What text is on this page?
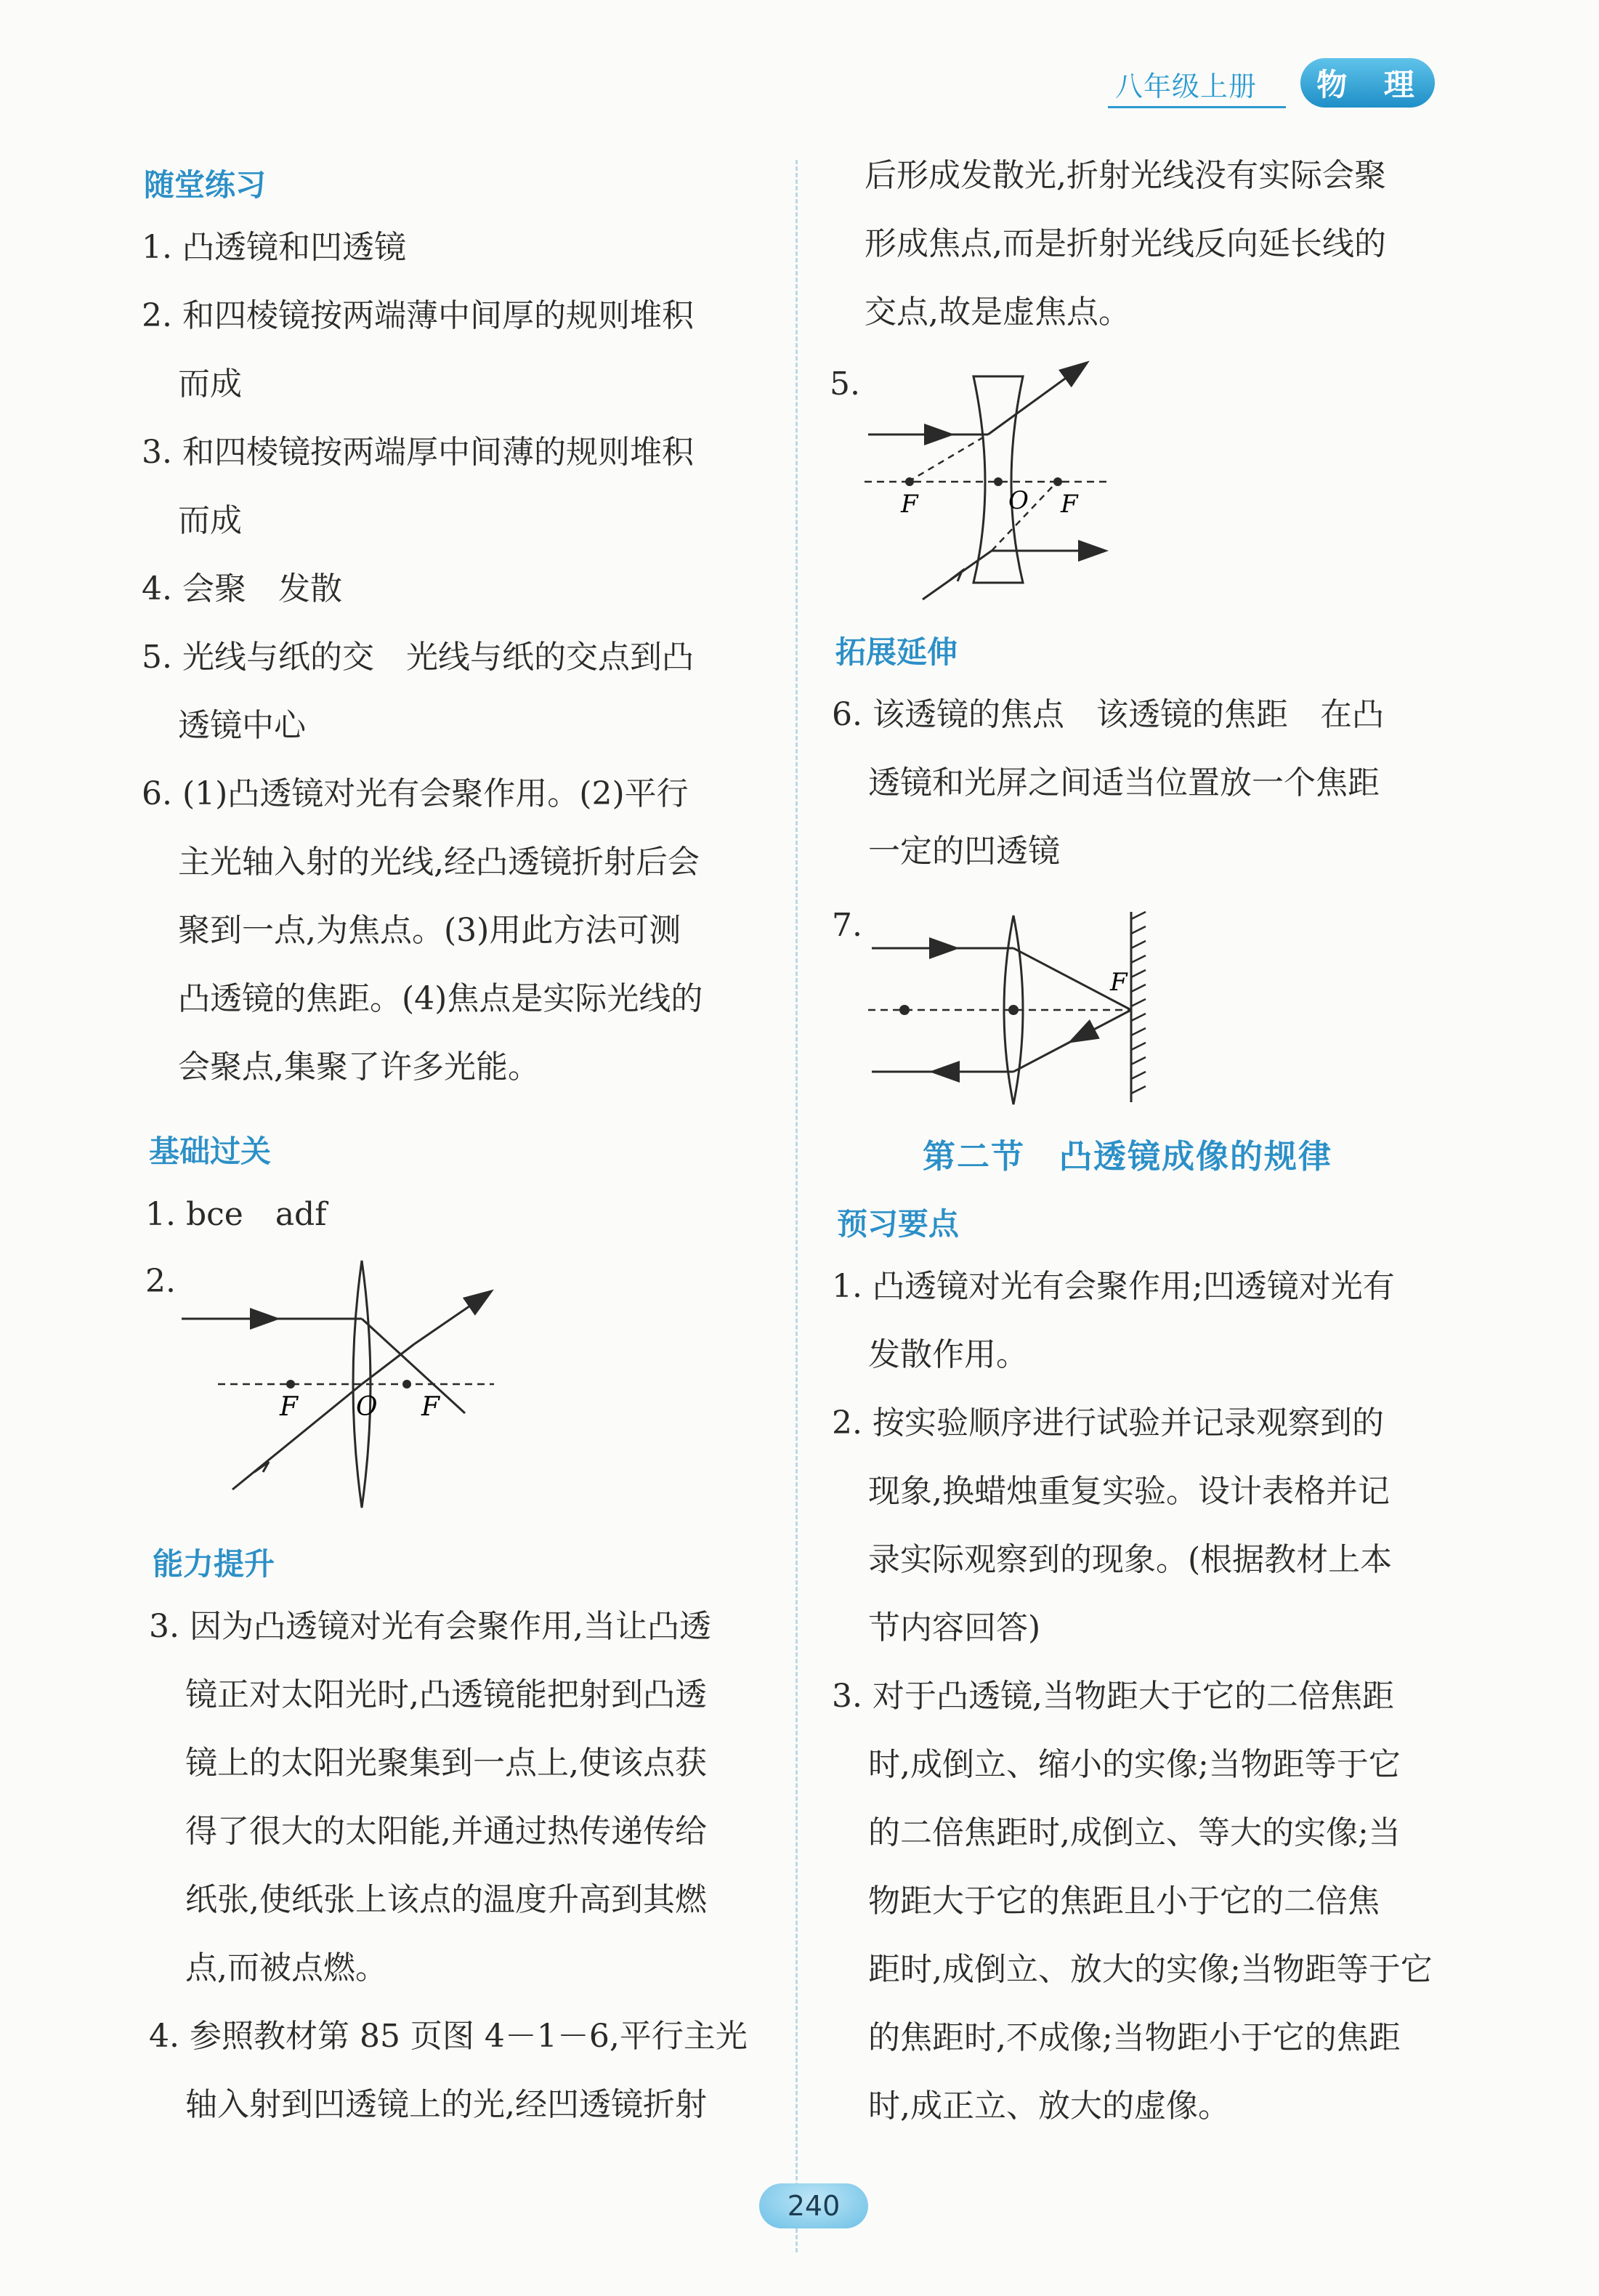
八年级上册	物 理
随堂练习
1. 凸透镜和凹透镜
2. 和四棱镜按两端薄中间厚的规则堆积
而成
3. 和四棱镜按两端厚中间薄的规则堆积
而成
4. 会聚　发散
5. 光线与纸的交　光线与纸的交点到凸
透镜中心
6. (1)凸透镜对光有会聚作用。(2)平行
主光轴入射的光线,经凸透镜折射后会
聚到一点,为焦点。(3)用此方法可测
凸透镜的焦距。(4)焦点是实际光线的
会聚点,集聚了许多光能。
基础过关
1. bce　adf
2.
F O F
能力提升
3. 因为凸透镜对光有会聚作用,当让凸透
镜正对太阳光时,凸透镜能把射到凸透
镜上的太阳光聚集到一点上,使该点获
得了很大的太阳能,并通过热传递传给
纸张,使纸张上该点的温度升高到其燃
点,而被点燃。
4. 参照教材第 85 页图 4－1－6,平行主光
轴入射到凹透镜上的光,经凹透镜折射
后形成发散光,折射光线没有实际会聚
形成焦点,而是折射光线反向延长线的
交点,故是虚焦点。
5.
F	O F
拓展延伸
6. 该透镜的焦点　该透镜的焦距　在凸
透镜和光屏之间适当位置放一个焦距
一定的凹透镜
7.
F
第二节　凸透镜成像的规律
预习要点
1. 凸透镜对光有会聚作用;凹透镜对光有
发散作用。
2. 按实验顺序进行试验并记录观察到的
现象,换蜡烛重复实验。设计表格并记
录实际观察到的现象。(根据教材上本
节内容回答)
3. 对于凸透镜,当物距大于它的二倍焦距
时,成倒立、缩小的实像;当物距等于它
的二倍焦距时,成倒立、等大的实像;当
物距大于它的焦距且小于它的二倍焦
距时,成倒立、放大的实像;当物距等于它
的焦距时,不成像;当物距小于它的焦距
时,成正立、放大的虚像。
240
